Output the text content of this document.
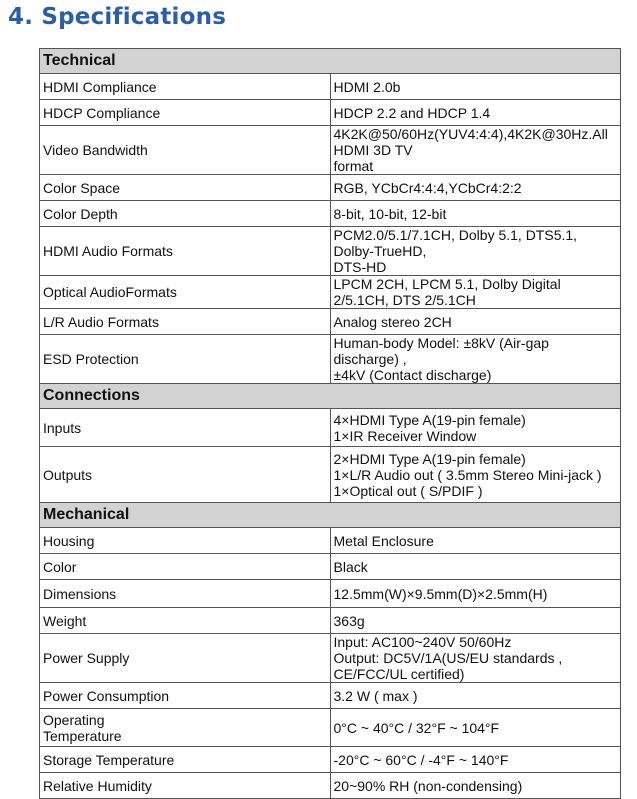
4. Specifications
Technical	
HDMI Compliance	HDMI 2.0b
HDCP Compliance	HDCP 2.2 and HDCP 1.4
Video Bandwidth	4K2K@50/60Hz(YUV4:4:4),4K2K@30Hz.All HDMI 3D TV
format
Color Space	RGB, YCbCr4:4:4,YCbCr4:2:2
Color Depth	8-bit, 10-bit, 12-bit
HDMI Audio Formats	PCM2.0/5.1/7.1CH, Dolby 5.1, DTS5.1, Dolby-TrueHD,
DTS-HD
Optical AudioFormats	LPCM 2CH, LPCM 5.1, Dolby Digital 2/5.1CH, DTS 2/5.1CH
L/R Audio Formats	Analog stereo 2CH
ESD Protection	Human-body Model: ±8kV (Air-gap discharge) ,
±4kV (Contact discharge)
Connections	
Inputs	4×HDMI Type A(19-pin female)
1×IR Receiver Window
Outputs	2×HDMI Type A(19-pin female)
1×L/R Audio out ( 3.5mm Stereo Mini-jack )
1×Optical out ( S/PDIF )
Mechanical	
Housing	Metal Enclosure
Color	Black
Dimensions	12.5mm(W)×9.5mm(D)×2.5mm(H)
Weight	363g
Power Supply	Input: AC100~240V 50/60Hz
Output: DC5V/1A(US/EU standards , CE/FCC/UL certified)
Power Consumption	3.2 W ( max )
Operating
Temperature	0°C ~ 40°C / 32°F ~ 104°F
Storage Temperature	-20°C ~ 60°C / -4°F ~ 140°F
Relative Humidity	20~90% RH (non-condensing)
